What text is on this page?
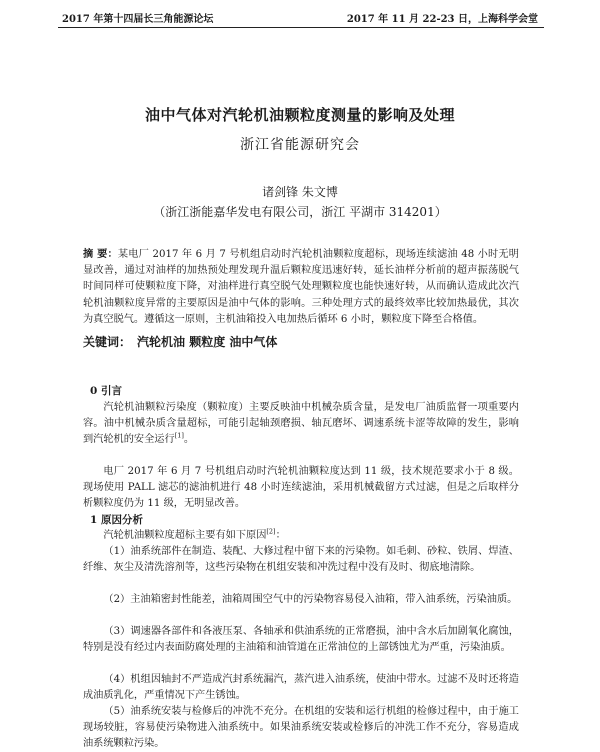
2017 年第十四届长三角能源论坛	2017 年 11 月 22-23 日，上海科学会堂
油中气体对汽轮机油颗粒度测量的影响及处理
浙江省能源研究会
诸剑锋 朱文博
（浙江浙能嘉华发电有限公司，浙江 平湖市 314201）
摘 要：某电厂 2017 年 6 月 7 号机组启动时汽轮机油颗粒度超标，现场连续滤油 48 小时无明显改善，通过对油样的加热预处理发现升温后颗粒度迅速好转，延长油样分析前的超声振荡脱气时间同样可使颗粒度下降，对油样进行真空脱气处理颗粒度也能快速好转，从而确认造成此次汽轮机油颗粒度异常的主要原因是油中气体的影响。三种处理方式的最终效率比较加热最优，其次为真空脱气。遵循这一原则，主机油箱投入电加热后循环 6 小时，颗粒度下降至合格值。
关键词： 汽轮机油 颗粒度 油中气体
0 引言
汽轮机油颗粒污染度（颗粒度）主要反映油中机械杂质含量，是发电厂油质监督一项重要内容。油中机械杂质含量超标，可能引起轴颈磨损、轴瓦磨坏、调速系统卡涩等故障的发生，影响到汽轮机的安全运行[1]。
电厂 2017 年 6 月 7 号机组启动时汽轮机油颗粒度达到 11 级，技术规范要求小于 8 级。现场使用 PALL 滤芯的滤油机进行 48 小时连续滤油，采用机械截留方式过滤，但是之后取样分析颗粒度仍为 11 级，无明显改善。
1 原因分析
汽轮机油颗粒度超标主要有如下原因[2]：
（1）油系统部件在制造、装配、大修过程中留下来的污染物。如毛刺、砂粒、铁屑、焊渣、纤维、灰尘及清洗溶剂等，这些污染物在机组安装和冲洗过程中没有及时、彻底地清除。
（2）主油箱密封性能差，油箱周围空气中的污染物容易侵入油箱，带入油系统，污染油质。
（3）调速器各部件和各液压泵、各轴承和供油系统的正常磨损，油中含水后加剧氧化腐蚀，特别是没有经过内表面防腐处理的主油箱和油管道在正常油位的上部锈蚀尤为严重，污染油质。
（4）机组因轴封不严造成汽封系统漏汽，蒸汽进入油系统，使油中带水。过滤不及时还将造成油质乳化，严重情况下产生锈蚀。
（5）油系统安装与检修后的冲洗不充分。在机组的安装和运行机组的检修过程中，由于施工现场较脏，容易使污染物进入油系统中。如果油系统安装或检修后的冲洗工作不充分，容易造成油系统颗粒污染。
